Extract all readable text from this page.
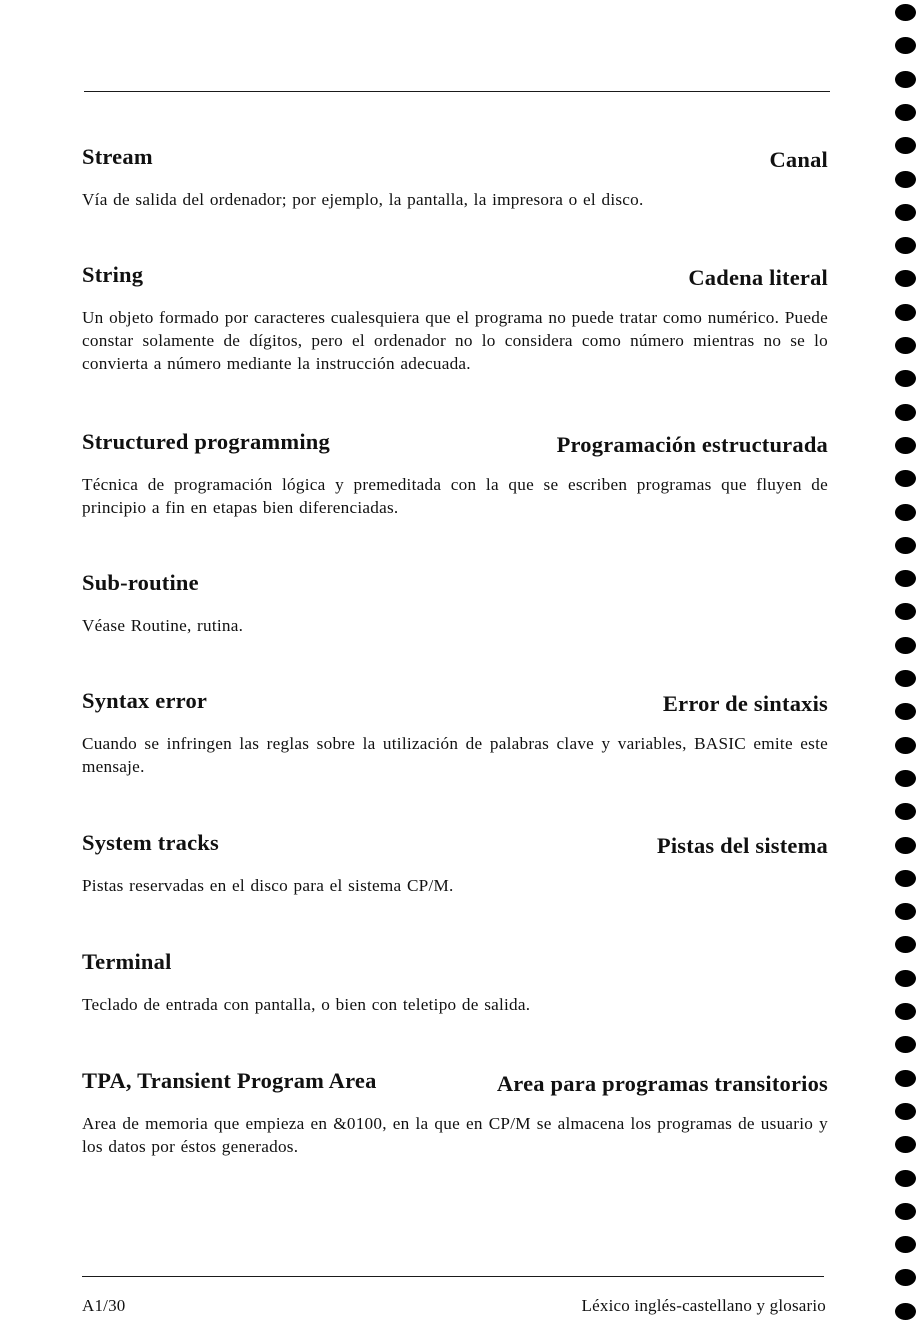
Stream	Canal
Vía de salida del ordenador; por ejemplo, la pantalla, la impresora o el disco.
String	Cadena literal
Un objeto formado por caracteres cualesquiera que el programa no puede tratar como numérico. Puede constar solamente de dígitos, pero el ordenador no lo considera como número mientras no se lo convierta a número mediante la instrucción adecuada.
Structured programming	Programación estructurada
Técnica de programación lógica y premeditada con la que se escriben programas que fluyen de principio a fin en etapas bien diferenciadas.
Sub-routine
Véase Routine, rutina.
Syntax error	Error de sintaxis
Cuando se infringen las reglas sobre la utilización de palabras clave y variables, BASIC emite este mensaje.
System tracks	Pistas del sistema
Pistas reservadas en el disco para el sistema CP/M.
Terminal
Teclado de entrada con pantalla, o bien con teletipo de salida.
TPA, Transient Program Area	Area para programas transitorios
Area de memoria que empieza en &0100, en la que en CP/M se almacena los programas de usuario y los datos por éstos generados.
A1/30	Léxico inglés-castellano y glosario
